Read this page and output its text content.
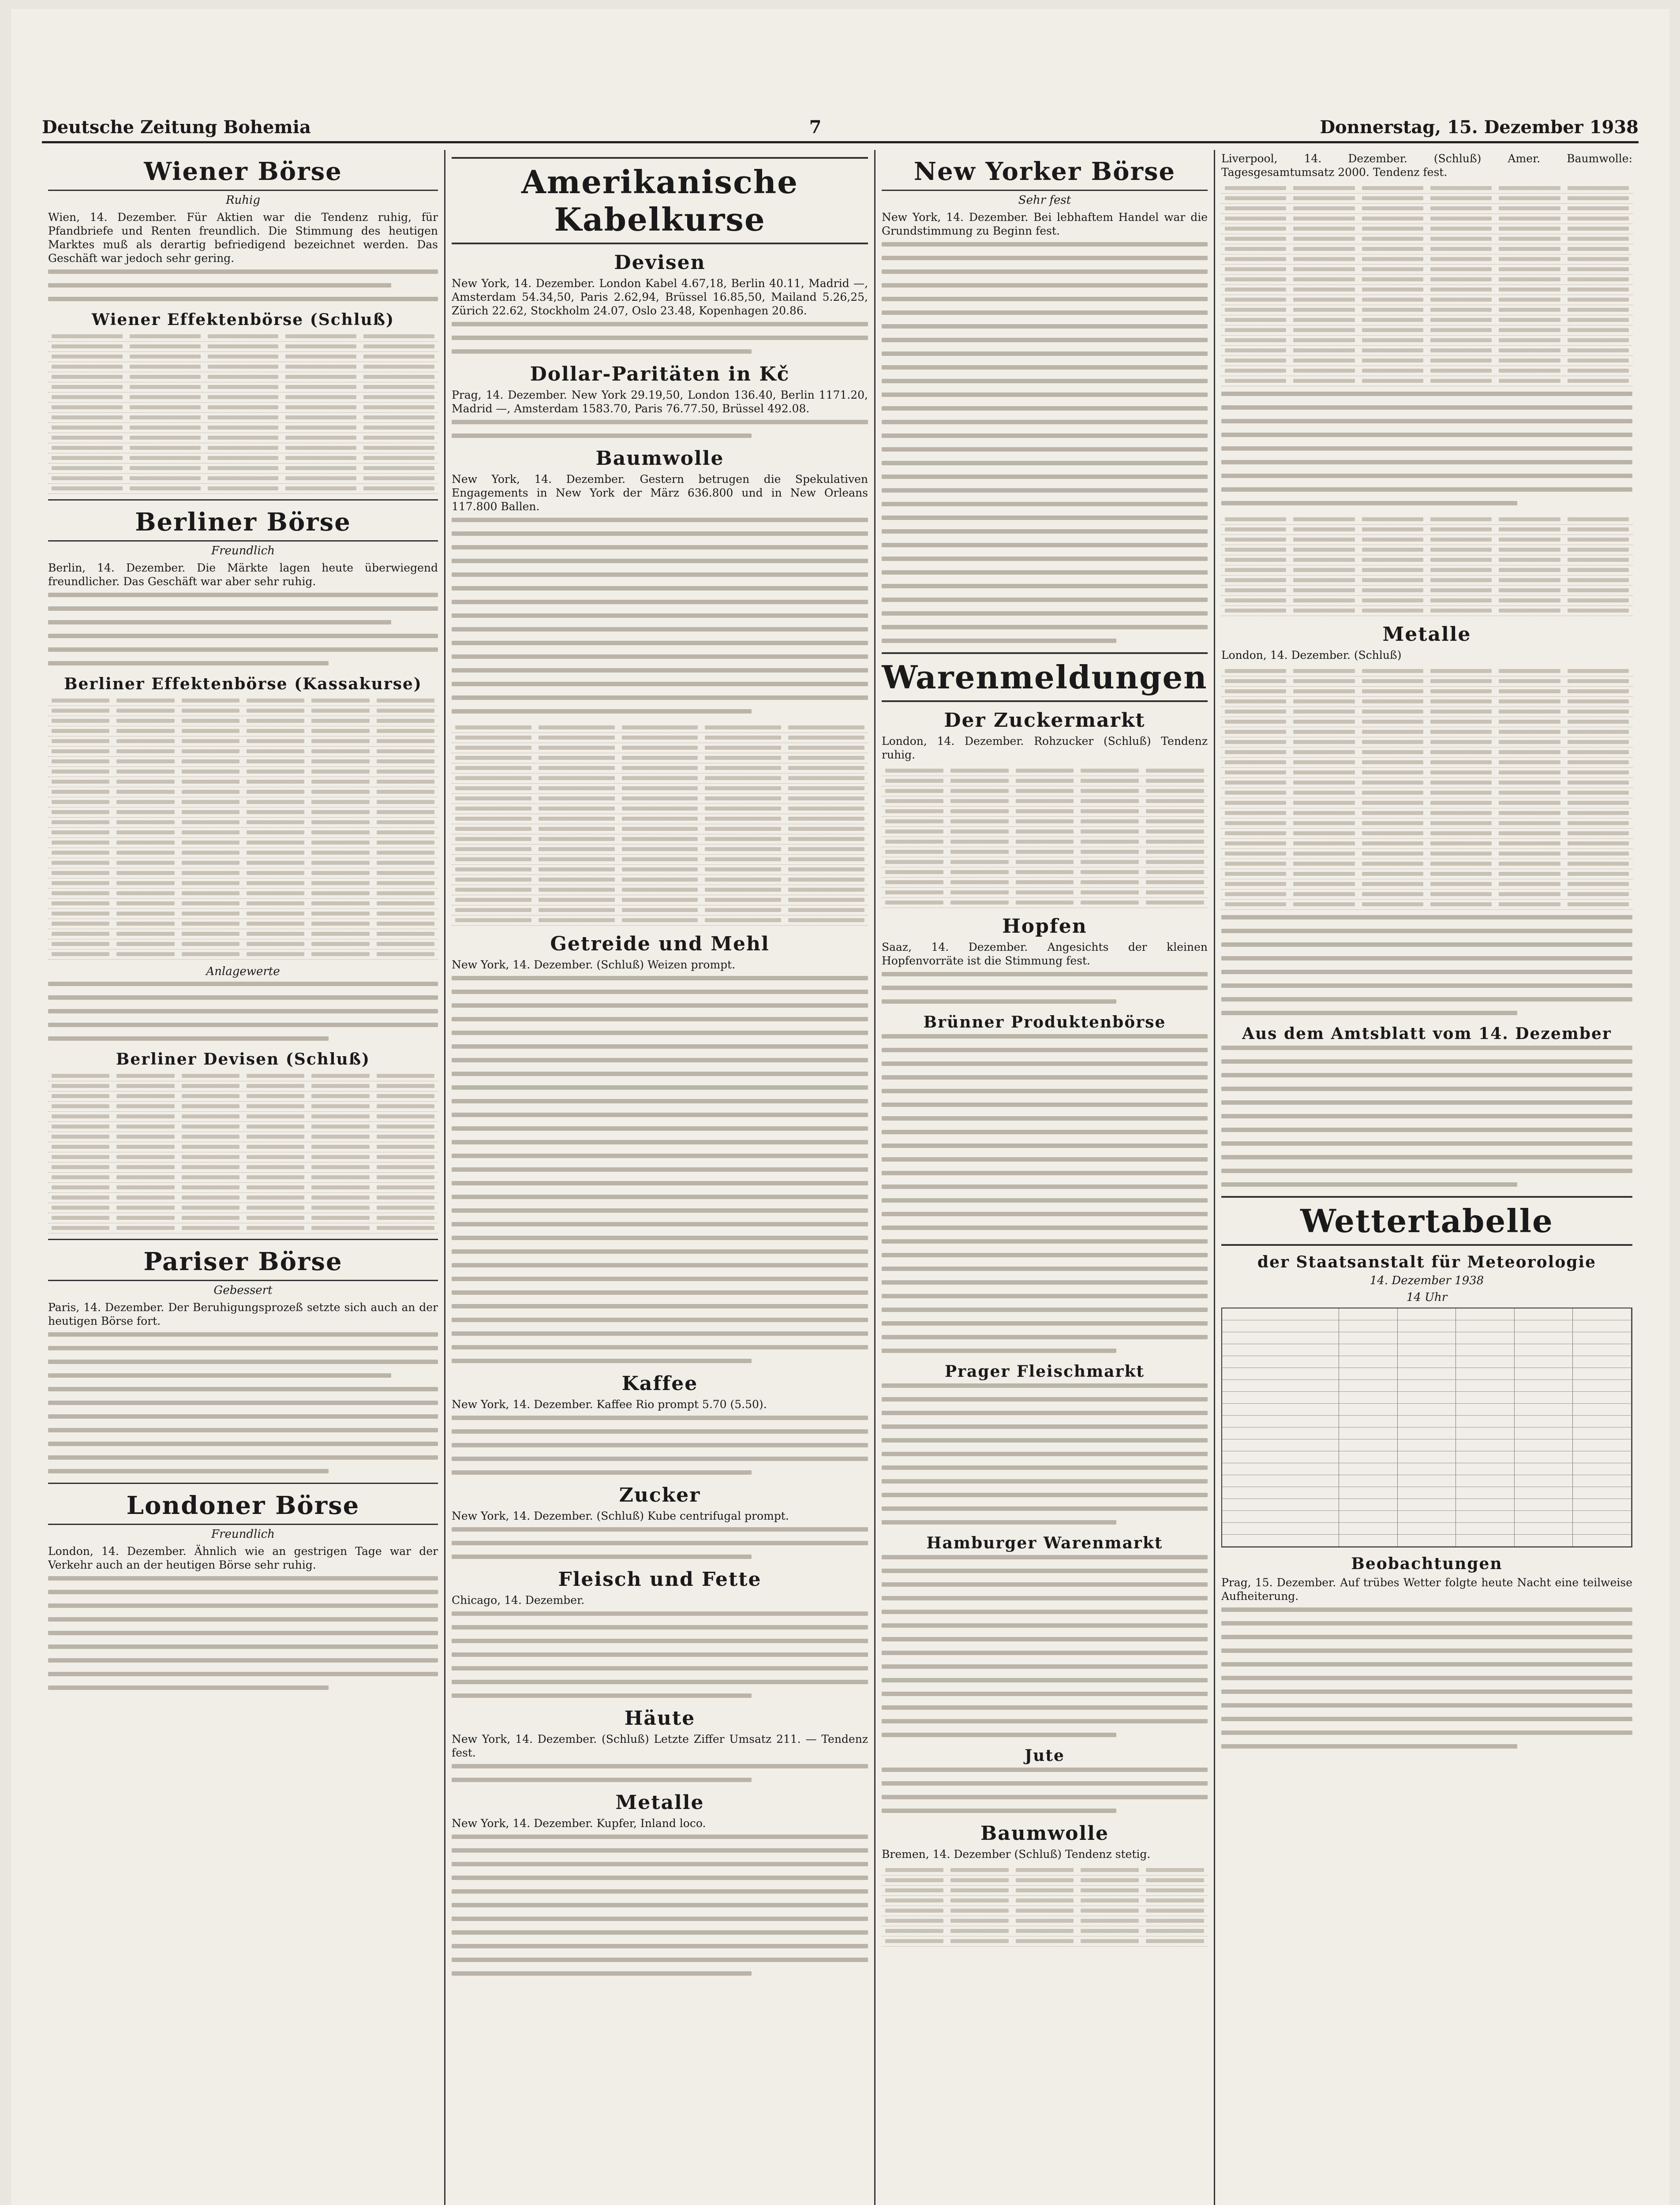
Deutsche Zeitung Bohemia	7	Donnerstag, 15. Dezember 1938
Wiener Börse
Ruhig
Wien, 14. Dezember. Für Aktien war die Tendenz ruhig, für Pfandbriefe und Renten freundlich. Die Stimmung des heutigen Marktes muß als derartig befriedigend bezeichnet werden. Das Geschäft war jedoch sehr gering.
Wiener Effektenbörse (Schluß)
Berliner Börse
Freundlich
Berlin, 14. Dezember. Die Märkte lagen heute überwiegend freundlicher. Das Geschäft war aber sehr ruhig.
Berliner Effektenbörse (Kassakurse)
Anlagewerte
Berliner Devisen (Schluß)
Pariser Börse
Gebessert
Paris, 14. Dezember. Der Beruhigungsprozeß setzte sich auch an der heutigen Börse fort.
Londoner Börse
Freundlich
London, 14. Dezember. Ähnlich wie an gestrigen Tage war der Verkehr auch an der heutigen Börse sehr ruhig.
Amerikanische Kabelkurse
Devisen
New York, 14. Dezember. London Kabel 4.67,18, Berlin 40.11, Madrid —, Amsterdam 54.34,50, Paris 2.62,94, Brüssel 16.85,50, Mailand 5.26,25, Zürich 22.62, Stockholm 24.07, Oslo 23.48, Kopenhagen 20.86.
Dollar-Paritäten in Kč
Prag, 14. Dezember. New York 29.19,50, London 136.40, Berlin 1171.20, Madrid —, Amsterdam 1583.70, Paris 76.77.50, Brüssel 492.08.
Baumwolle
New York, 14. Dezember. Gestern betrugen die Spekulativen Engagements in New York der März 636.800 und in New Orleans 117.800 Ballen.
Getreide und Mehl
New York, 14. Dezember. (Schluß) Weizen prompt.
Kaffee
New York, 14. Dezember. Kaffee Rio prompt 5.70 (5.50).
Zucker
New York, 14. Dezember. (Schluß) Kube centrifugal prompt.
Fleisch und Fette
Chicago, 14. Dezember.
Häute
New York, 14. Dezember. (Schluß) Letzte Ziffer Umsatz 211. — Tendenz fest.
Metalle
New York, 14. Dezember. Kupfer, Inland loco.
New Yorker Börse
Sehr fest
New York, 14. Dezember. Bei lebhaftem Handel war die Grundstimmung zu Beginn fest.
Warenmeldungen
Der Zuckermarkt
London, 14. Dezember. Rohzucker (Schluß) Tendenz ruhig.
Hopfen
Saaz, 14. Dezember. Angesichts der kleinen Hopfenvorräte ist die Stimmung fest.
Brünner Produktenbörse
Prager Fleischmarkt
Hamburger Warenmarkt
Jute
Baumwolle
Bremen, 14. Dezember (Schluß) Tendenz stetig.
Liverpool, 14. Dezember. (Schluß) Amer. Baumwolle: Tagesgesamtumsatz 2000. Tendenz fest.
Metalle
London, 14. Dezember. (Schluß)
Aus dem Amtsblatt vom 14. Dezember
Wettertabelle
der Staatsanstalt für Meteorologie
14. Dezember 1938
14 Uhr
Beobachtungen
Prag, 15. Dezember. Auf trübes Wetter folgte heute Nacht eine teilweise Aufheiterung.
